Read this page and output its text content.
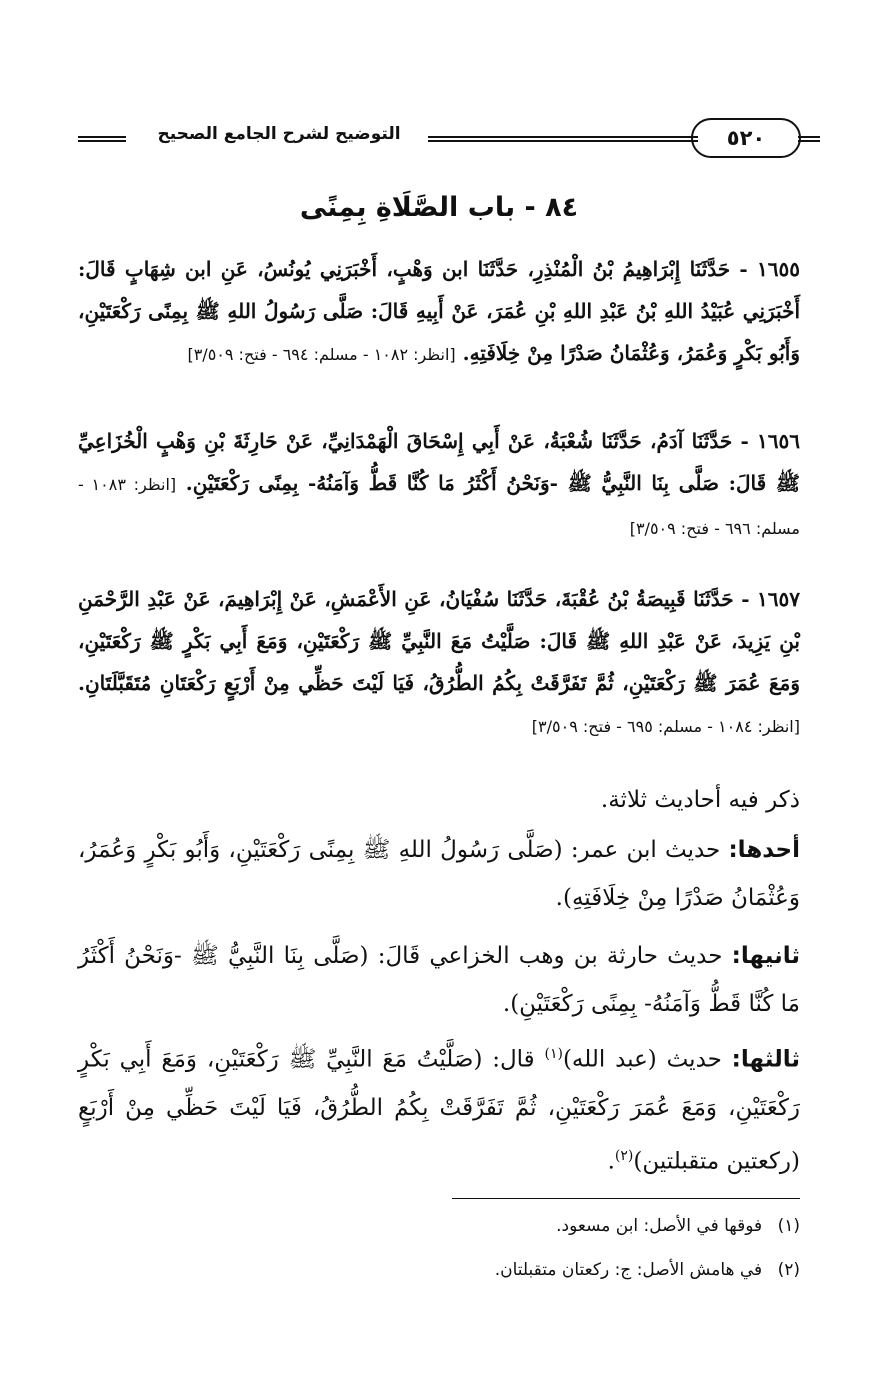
التوضيح لشرح الجامع الصحيح	٥٢٠
٨٤ - باب الصَّلَاةِ بِمِنًى
١٦٥٥ - حَدَّثَنَا إِبْرَاهِيمُ بْنُ الْمُنْذِرِ، حَدَّثَنَا ابن وَهْبٍ، أَخْبَرَنِي يُونُسُ، عَنِ ابن شِهَابٍ قَالَ: أَخْبَرَنِي عُبَيْدُ اللهِ بْنُ عَبْدِ اللهِ بْنِ عُمَرَ، عَنْ أَبِيهِ قَالَ: صَلَّى رَسُولُ اللهِ ﷺ بِمِنًى رَكْعَتَيْنِ، وَأَبُو بَكْرٍ وَعُمَرُ، وَعُثْمَانُ صَدْرًا مِنْ خِلَافَتِهِ. [انظر: ١٠٨٢ - مسلم: ٦٩٤ - فتح: ٣/٥٠٩]
١٦٥٦ - حَدَّثَنَا آدَمُ، حَدَّثَنَا شُعْبَةُ، عَنْ أَبِي إِسْحَاقَ الْهَمْدَانِيِّ، عَنْ حَارِثَةَ بْنِ وَهْبٍ الْخُزَاعِيِّ ﷺ قَالَ: صَلَّى بِنَا النَّبِيُّ ﷺ -وَنَحْنُ أَكْثَرُ مَا كُنَّا قَطُّ وَآمَنُهُ- بِمِنًى رَكْعَتَيْنِ. [انظر: ١٠٨٣ - مسلم: ٦٩٦ - فتح: ٣/٥٠٩]
١٦٥٧ - حَدَّثَنَا قَبِيصَةُ بْنُ عُقْبَةَ، حَدَّثَنَا سُفْيَانُ، عَنِ الأَعْمَشِ، عَنْ إِبْرَاهِيمَ، عَنْ عَبْدِ الرَّحْمَنِ بْنِ يَزِيدَ، عَنْ عَبْدِ اللهِ ﷺ قَالَ: صَلَّيْتُ مَعَ النَّبِيِّ ﷺ رَكْعَتَيْنِ، وَمَعَ أَبِي بَكْرٍ ﷺ رَكْعَتَيْنِ، وَمَعَ عُمَرَ ﷺ رَكْعَتَيْنِ، ثُمَّ تَفَرَّقَتْ بِكُمُ الطُّرُقُ، فَيَا لَيْتَ حَظِّي مِنْ أَرْبَعٍ رَكْعَتَانِ مُتَقَبَّلَتَانِ. [انظر: ١٠٨٤ - مسلم: ٦٩٥ - فتح: ٣/٥٠٩]
ذكر فيه أحاديث ثلاثة.
أحدها: حديث ابن عمر: (صَلَّى رَسُولُ اللهِ ﷺ بِمِنًى رَكْعَتَيْنِ، وَأَبُو بَكْرٍ وَعُمَرُ، وَعُثْمَانُ صَدْرًا مِنْ خِلَافَتِهِ).
ثانيها: حديث حارثة بن وهب الخزاعي قَالَ: (صَلَّى بِنَا النَّبِيُّ ﷺ -وَنَحْنُ أَكْثَرُ مَا كُنَّا قَطُّ وَآمَنُهُ- بِمِنًى رَكْعَتَيْنِ).
ثالثها: حديث (عبد الله)$^{(١)}$ قال: (صَلَّيْتُ مَعَ النَّبِيِّ ﷺ رَكْعَتَيْنِ، وَمَعَ أَبِي بَكْرٍ رَكْعَتَيْنِ، وَمَعَ عُمَرَ رَكْعَتَيْنِ، ثُمَّ تَفَرَّقَتْ بِكُمُ الطُّرُقُ، فَيَا لَيْتَ حَظِّي مِنْ أَرْبَعٍ (ركعتين متقبلتين)$^{(٢)}$.
(١) فوقها في الأصل: ابن مسعود.
(٢) في هامش الأصل: ج: ركعتان متقبلتان.
